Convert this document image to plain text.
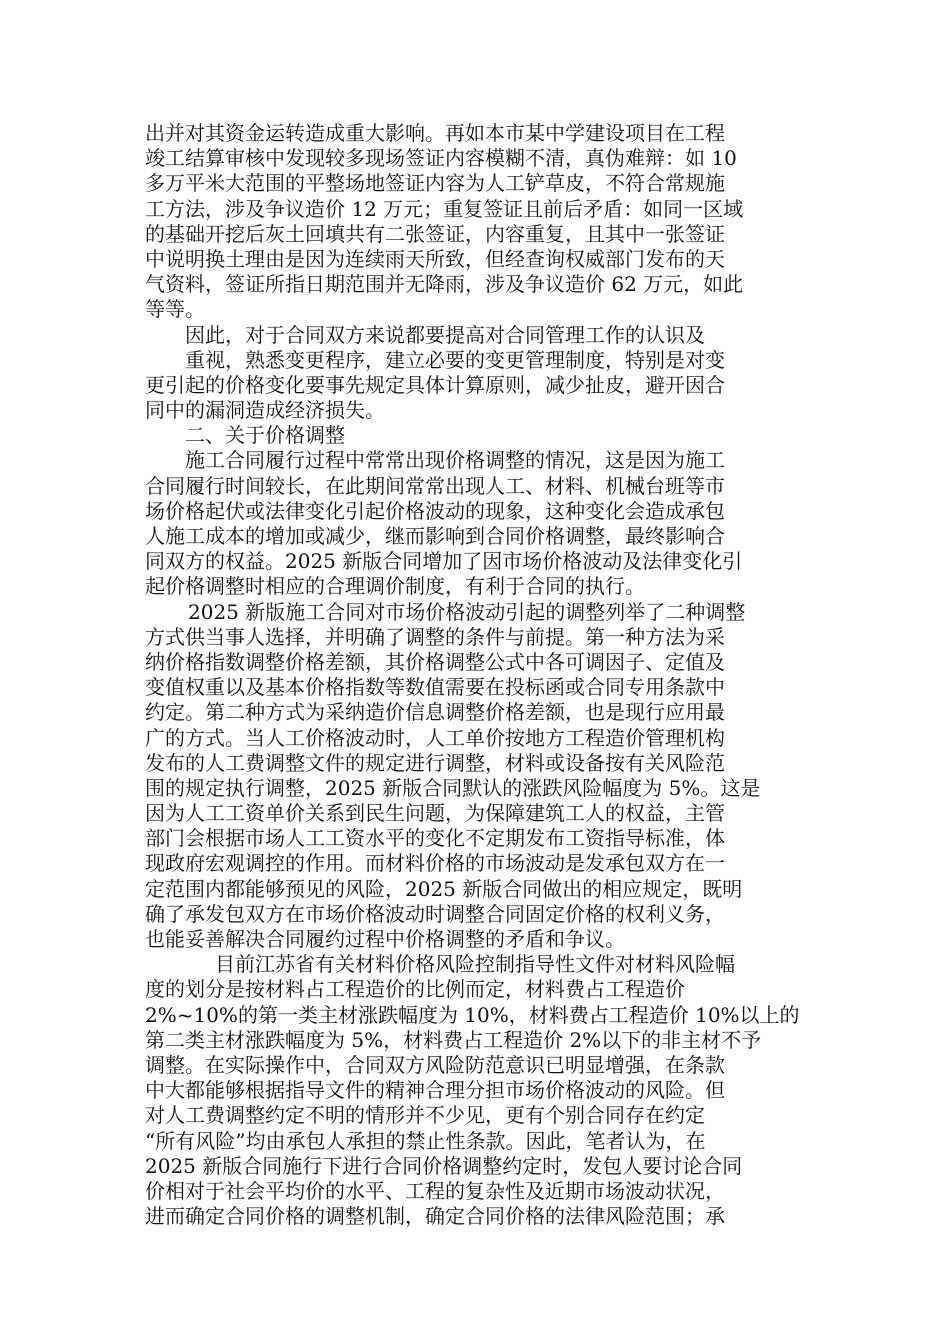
出并对其资金运转造成重大影响。再如本市某中学建设项目在工程
竣工结算审核中发现较多现场签证内容模糊不清，真伪难辩：如 10
多万平米大范围的平整场地签证内容为人工铲草皮，不符合常规施
工方法，涉及争议造价 12 万元；重复签证且前后矛盾：如同一区域
的基础开挖后灰土回填共有二张签证，内容重复，且其中一张签证
中说明换土理由是因为连续雨天所致，但经查询权威部门发布的天
气资料，签证所指日期范围并无降雨，涉及争议造价 62 万元，如此
等等。
因此，对于合同双方来说都要提高对合同管理工作的认识及
重视，熟悉变更程序，建立必要的变更管理制度，特别是对变
更引起的价格变化要事先规定具体计算原则，减少扯皮，避开因合
同中的漏洞造成经济损失。
二、关于价格调整
施工合同履行过程中常常出现价格调整的情况，这是因为施工
合同履行时间较长，在此期间常常出现人工、材料、机械台班等市
场价格起伏或法律变化引起价格波动的现象，这种变化会造成承包
人施工成本的增加或减少，继而影响到合同价格调整，最终影响合
同双方的权益。2025 新版合同增加了因市场价格波动及法律变化引
起价格调整时相应的合理调价制度，有利于合同的执行。
2025 新版施工合同对市场价格波动引起的调整列举了二种调整
方式供当事人选择，并明确了调整的条件与前提。第一种方法为采
纳价格指数调整价格差额，其价格调整公式中各可调因子、定值及
变值权重以及基本价格指数等数值需要在投标函或合同专用条款中
约定。第二种方式为采纳造价信息调整价格差额，也是现行应用最
广的方式。当人工价格波动时，人工单价按地方工程造价管理机构
发布的人工费调整文件的规定进行调整，材料或设备按有关风险范
围的规定执行调整，2025 新版合同默认的涨跌风险幅度为 5%。这是
因为人工工资单价关系到民生问题，为保障建筑工人的权益，主管
部门会根据市场人工工资水平的变化不定期发布工资指导标准，体
现政府宏观调控的作用。而材料价格的市场波动是发承包双方在一
定范围内都能够预见的风险，2025 新版合同做出的相应规定，既明
确了承发包双方在市场价格波动时调整合同固定价格的权利义务，
也能妥善解决合同履约过程中价格调整的矛盾和争议。
目前江苏省有关材料价格风险控制指导性文件对材料风险幅
度的划分是按材料占工程造价的比例而定，材料费占工程造价
2%~10%的第一类主材涨跌幅度为 10%，材料费占工程造价 10%以上的
第二类主材涨跌幅度为 5%，材料费占工程造价 2%以下的非主材不予
调整。在实际操作中，合同双方风险防范意识已明显增强，在条款
中大都能够根据指导文件的精神合理分担市场价格波动的风险。但
对人工费调整约定不明的情形并不少见，更有个别合同存在约定
“所有风险”均由承包人承担的禁止性条款。因此，笔者认为，在
2025 新版合同施行下进行合同价格调整约定时，发包人要讨论合同
价相对于社会平均价的水平、工程的复杂性及近期市场波动状况，
进而确定合同价格的调整机制，确定合同价格的法律风险范围；承
